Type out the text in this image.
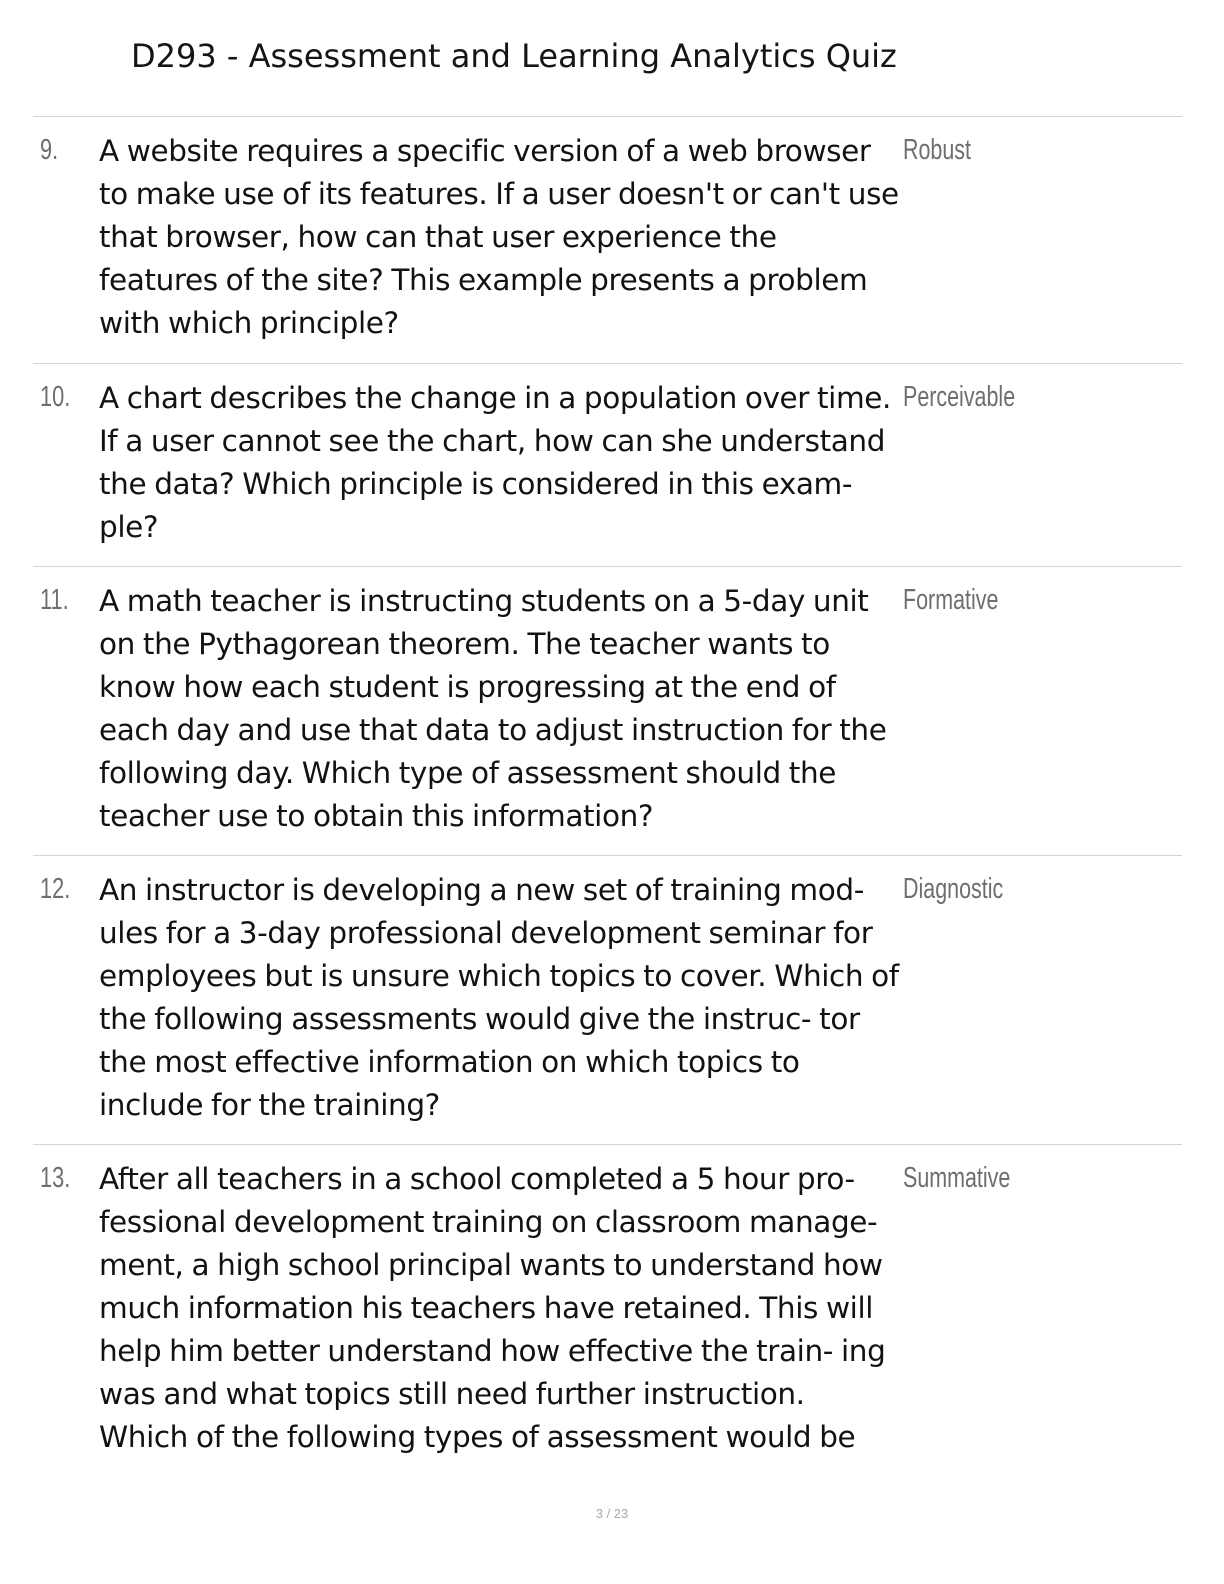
D293 - Assessment and Learning Analytics Quiz
9. A website requires a specific version of a web browser to make use of its features. If a user doesn't or can't use that browser, how can that user experience the features of the site? This example presents a problem with which principle?
Robust
10. A chart describes the change in a population over time. If a user cannot see the chart, how can she understand the data? Which principle is considered in this exam- ple?
Perceivable
11. A math teacher is instructing students on a 5-day unit on the Pythagorean theorem. The teacher wants to know how each student is progressing at the end of each day and use that data to adjust instruction for the following day. Which type of assessment should the teacher use to obtain this information?
Formative
12. An instructor is developing a new set of training mod- ules for a 3-day professional development seminar for employees but is unsure which topics to cover. Which of the following assessments would give the instruc- tor the most effective information on which topics to include for the training?
Diagnostic
13. After all teachers in a school completed a 5 hour pro- fessional development training on classroom manage- ment, a high school principal wants to understand how much information his teachers have retained. This will help him better understand how effective the train- ing was and what topics still need further instruction. Which of the following types of assessment would be
Summative
3 / 23
